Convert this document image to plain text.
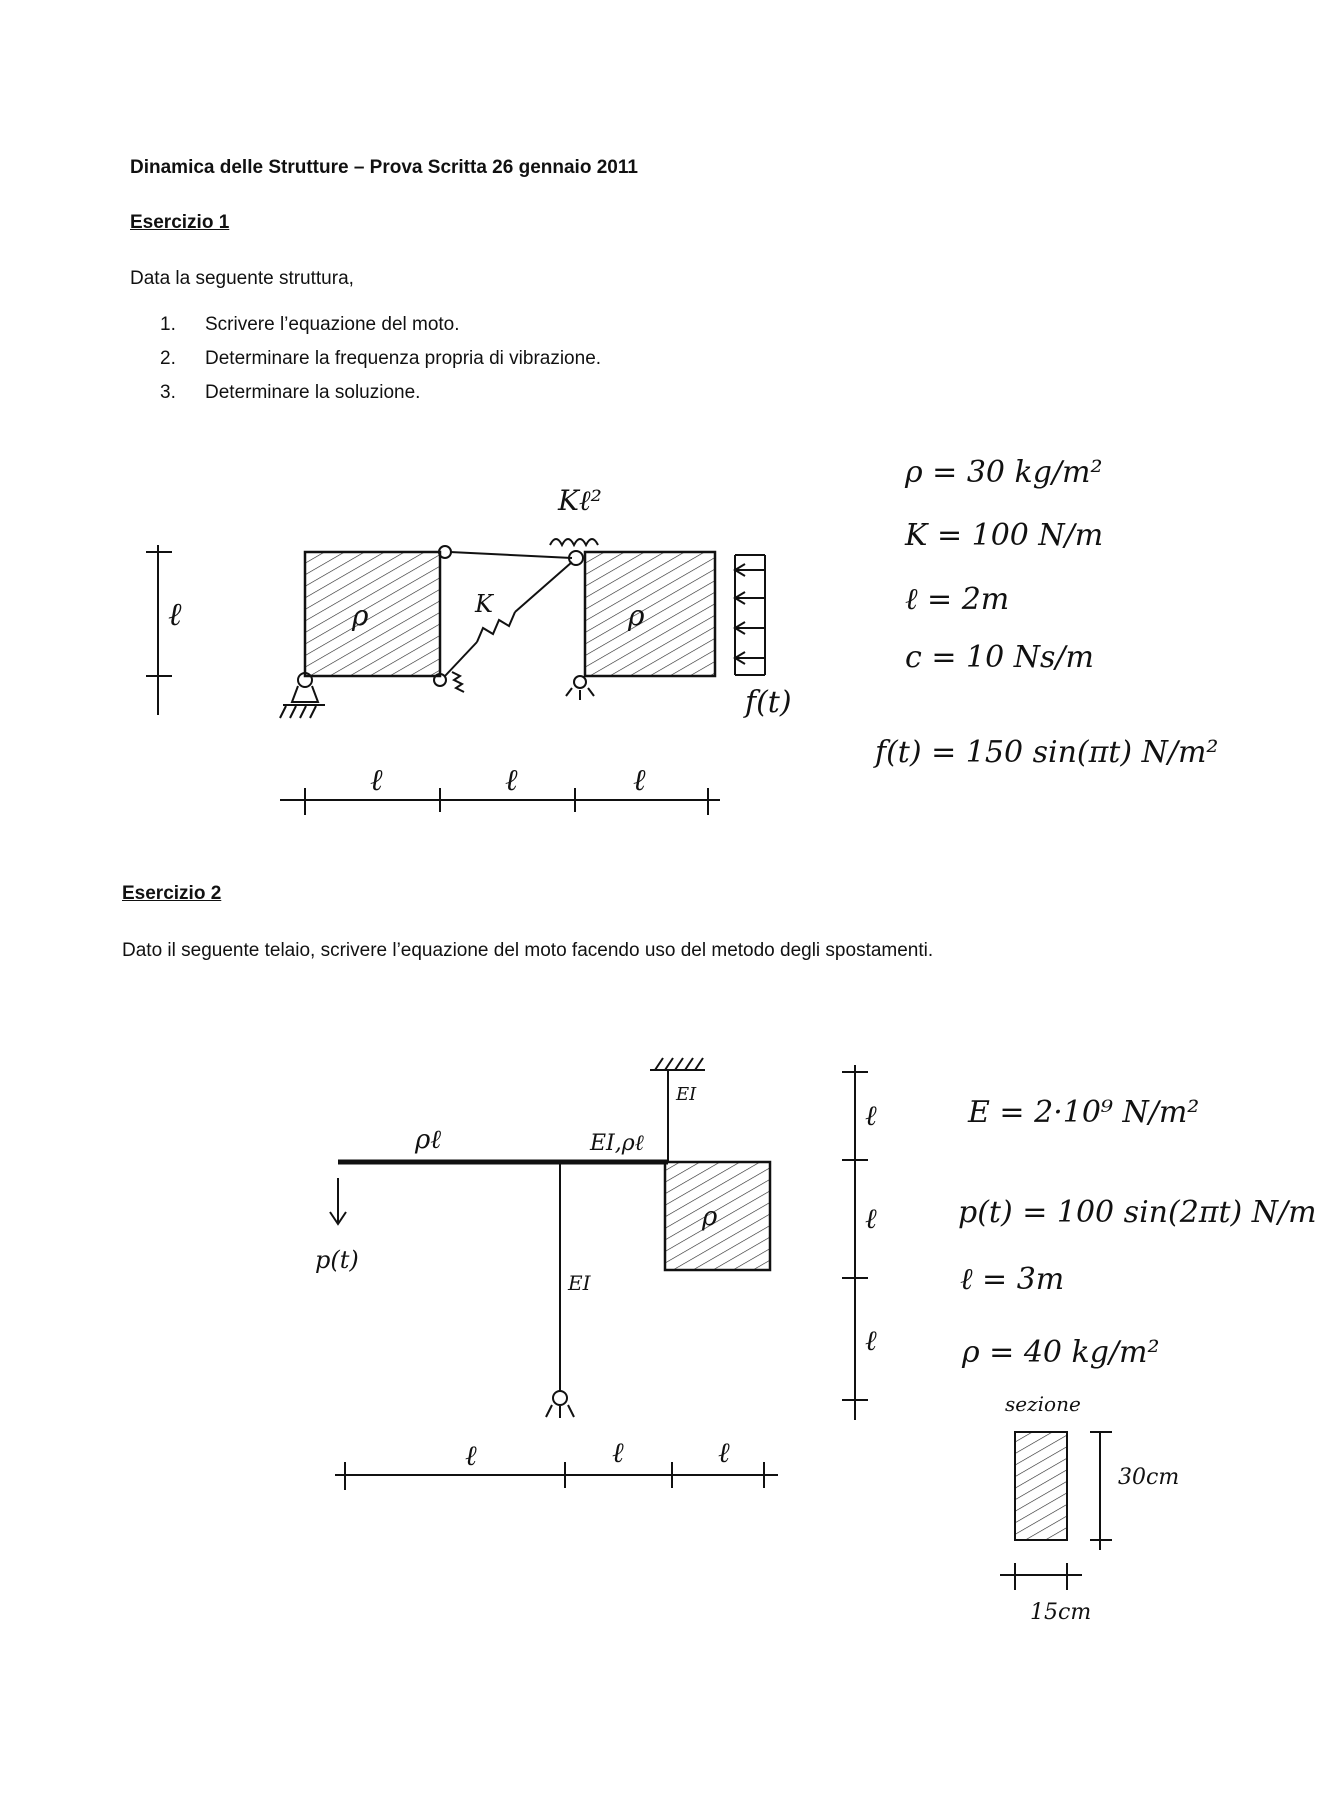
Dinamica delle Strutture – Prova Scritta 26 gennaio 2011
Esercizio 1
Data la seguente struttura,
1.	Scrivere l’equazione del moto.
2.	Determinare la frequenza propria di vibrazione.
3.	Determinare la soluzione.
ℓ	ρ	ρ
Kℓ²
K
f(t)
ℓ	ℓ	ℓ
ρ = 30 kg/m²
K = 100 N/m
ℓ = 2m
c = 10 Ns/m
f(t) = 150 sin(πt) N/m²
Esercizio 2
Dato il seguente telaio, scrivere l’equazione del moto facendo uso del metodo degli spostamenti.
ρℓ	EI,ρℓ
p(t)
EI
EI
ρ
ℓ
ℓ
ℓ
ℓ	ℓ	ℓ
E = 2·10⁹ N/m²
p(t) = 100 sin(2πt) N/m
ℓ = 3m
ρ = 40 kg/m²
sezione
30cm
15cm
